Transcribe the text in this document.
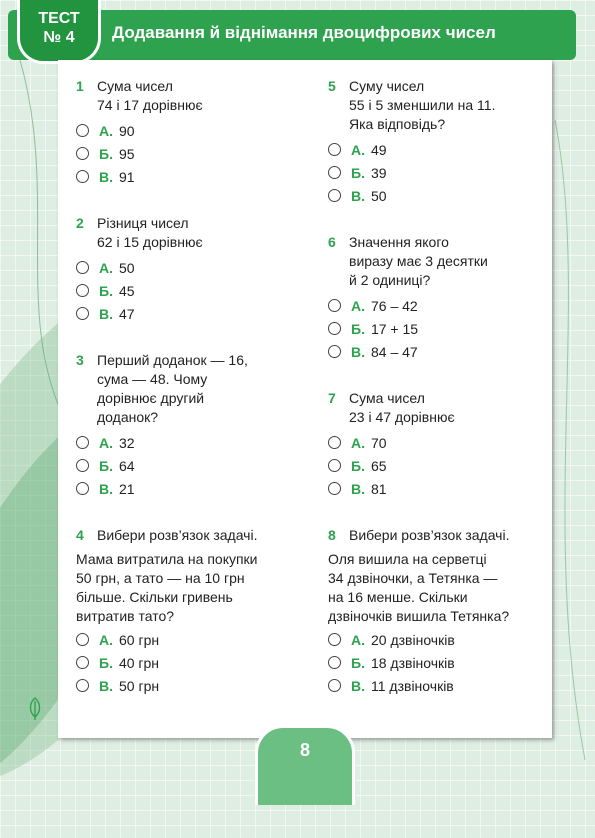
ТЕСТ
№ 4	Додавання й віднімання двоцифрових чисел
1 Сума чисел
74 і 17 дорівнює
А. 90
Б. 95
В. 91
2 Різниця чисел
62 і 15 дорівнює
А. 50
Б. 45
В. 47
3 Перший доданок — 16,
сума — 48. Чому
дорівнює другий
доданок?
А. 32
Б. 64
В. 21
4 Вибери розв’язок задачі.
Мама витратила на покупки
50 грн, а тато — на 10 грн
більше. Скільки гривень
витратив тато?
А. 60 грн
Б. 40 грн
В. 50 грн
5 Суму чисел
55 і 5 зменшили на 11.
Яка відповідь?
А. 49
Б. 39
В. 50
6 Значення якого
виразу має 3 десятки
й 2 одиниці?
А. 76 – 42
Б. 17 + 15
В. 84 – 47
7 Сума чисел
23 і 47 дорівнює
А. 70
Б. 65
В. 81
8 Вибери розв’язок задачі.
Оля вишила на серветці
34 дзвіночки, а Тетянка —
на 16 менше. Скільки
дзвіночків вишила Тетянка?
А. 20 дзвіночків
Б. 18 дзвіночків
В. 11 дзвіночків
8
